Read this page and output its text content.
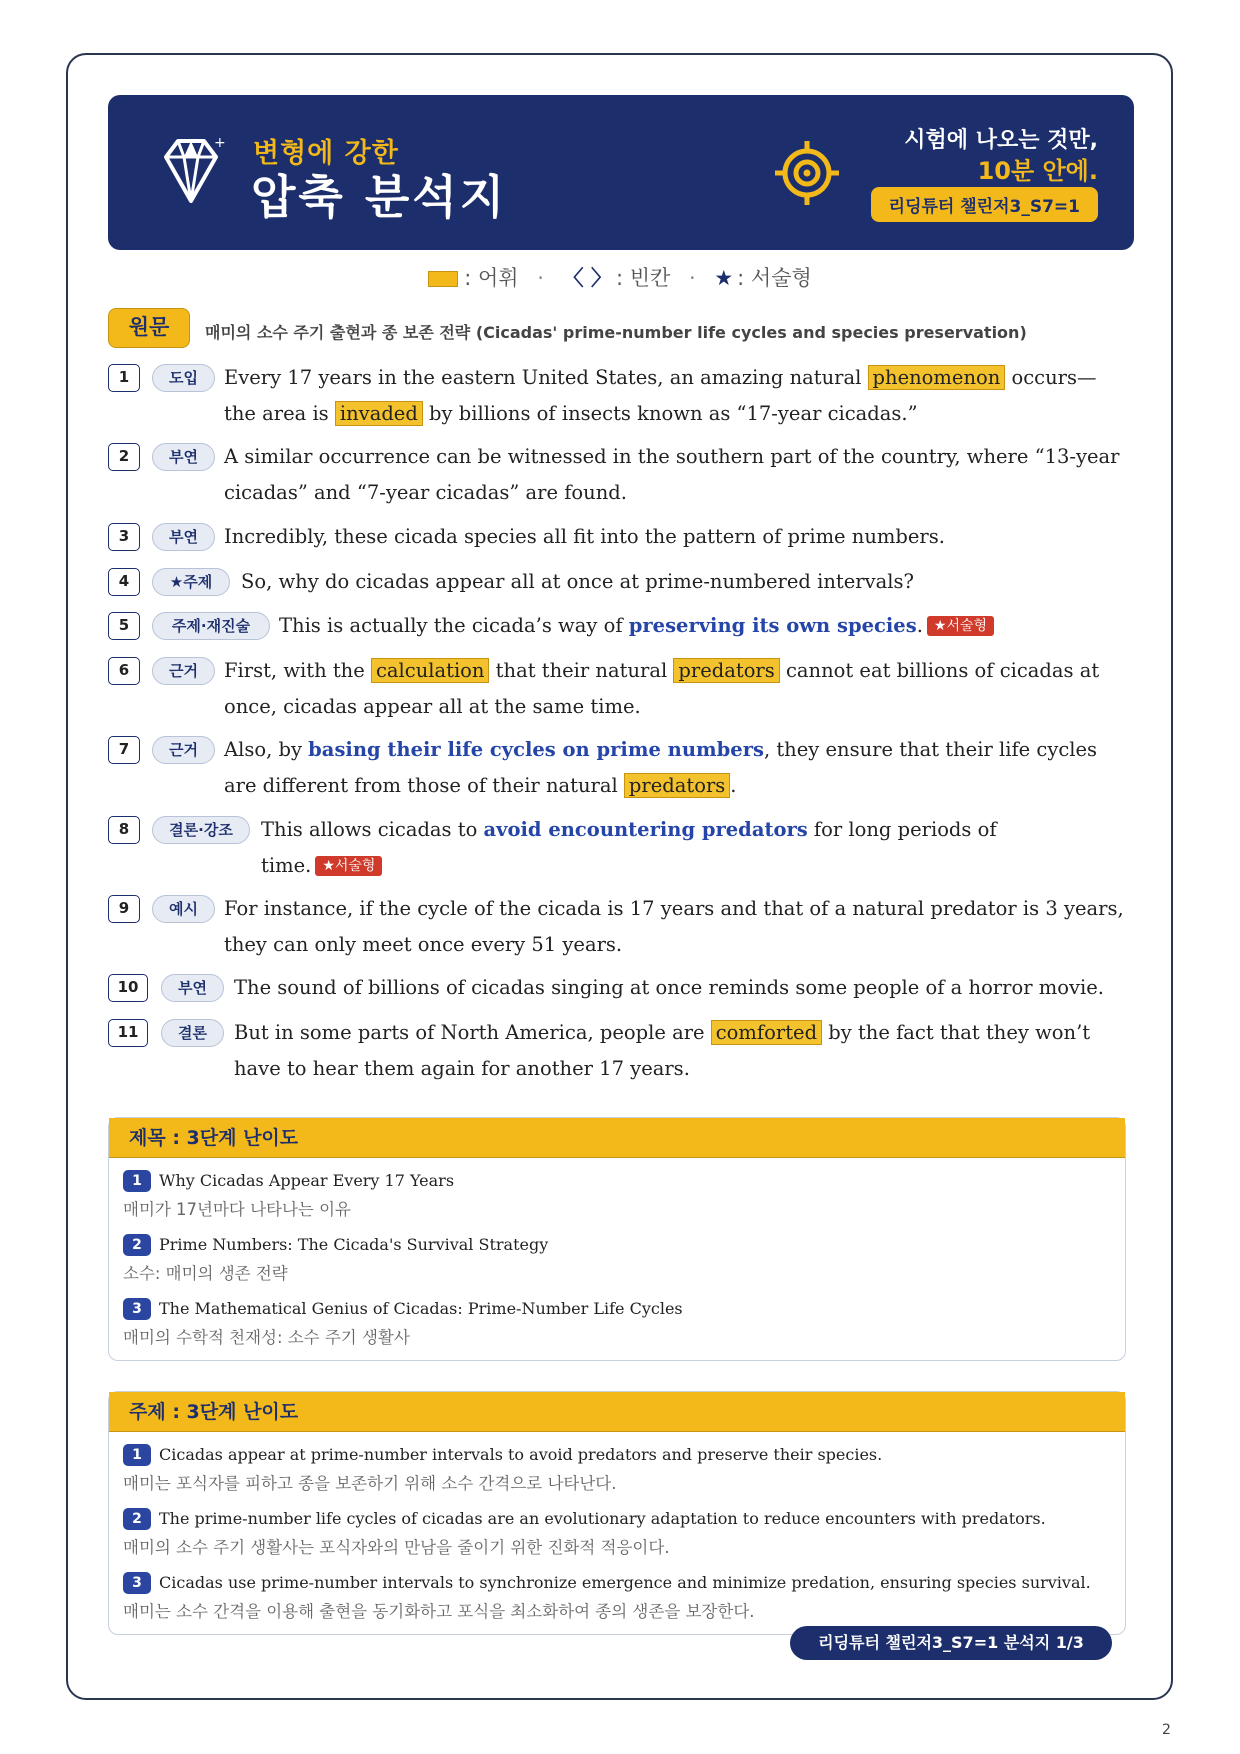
+ 변형에 강한
압축 분석지
시험에 나오는 것만,
10분 안에.
리딩튜터 챌린저3_S7=1
: 어휘 · 〈 〉 : 빈칸 · ★ : 서술형
원문	매미의 소수 주기 출현과 종 보존 전략 (Cicadas' prime-number life cycles and species preservation)
1	도입	Every 17 years in the eastern United States, an amazing natural phenomenon occurs—the area is invaded by billions of insects known as “17-year cicadas.”
2	부연	A similar occurrence can be witnessed in the southern part of the country, where “13-year cicadas” and “7-year cicadas” are found.
3	부연	Incredibly, these cicada species all fit into the pattern of prime numbers.
4	★주제	So, why do cicadas appear all at once at prime-numbered intervals?
5	주제·재진술	This is actually the cicada’s way of preserving its own species. ★서술형
6	근거	First, with the calculation that their natural predators cannot eat billions of cicadas at once, cicadas appear all at the same time.
7	근거	Also, by basing their life cycles on prime numbers, they ensure that their life cycles are different from those of their natural predators .
8	결론·강조	This allows cicadas to avoid encountering predators for long periods of time. ★서술형
9	예시	For instance, if the cycle of the cicada is 17 years and that of a natural predator is 3 years, they can only meet once every 51 years.
10	부연	The sound of billions of cicadas singing at once reminds some people of a horror movie.
11	결론	But in some parts of North America, people are comforted by the fact that they won’t have to hear them again for another 17 years.
제목 : 3단계 난이도
1 Why Cicadas Appear Every 17 Years
매미가 17년마다 나타나는 이유
2 Prime Numbers: The Cicada's Survival Strategy
소수: 매미의 생존 전략
3 The Mathematical Genius of Cicadas: Prime-Number Life Cycles
매미의 수학적 천재성: 소수 주기 생활사
주제 : 3단계 난이도
1 Cicadas appear at prime-number intervals to avoid predators and preserve their species.
매미는 포식자를 피하고 종을 보존하기 위해 소수 간격으로 나타난다.
2 The prime-number life cycles of cicadas are an evolutionary adaptation to reduce encounters with predators.
매미의 소수 주기 생활사는 포식자와의 만남을 줄이기 위한 진화적 적응이다.
3 Cicadas use prime-number intervals to synchronize emergence and minimize predation, ensuring species survival.
매미는 소수 간격을 이용해 출현을 동기화하고 포식을 최소화하여 종의 생존을 보장한다.
리딩튜터 챌린저3_S7=1 분석지 1/3
2
